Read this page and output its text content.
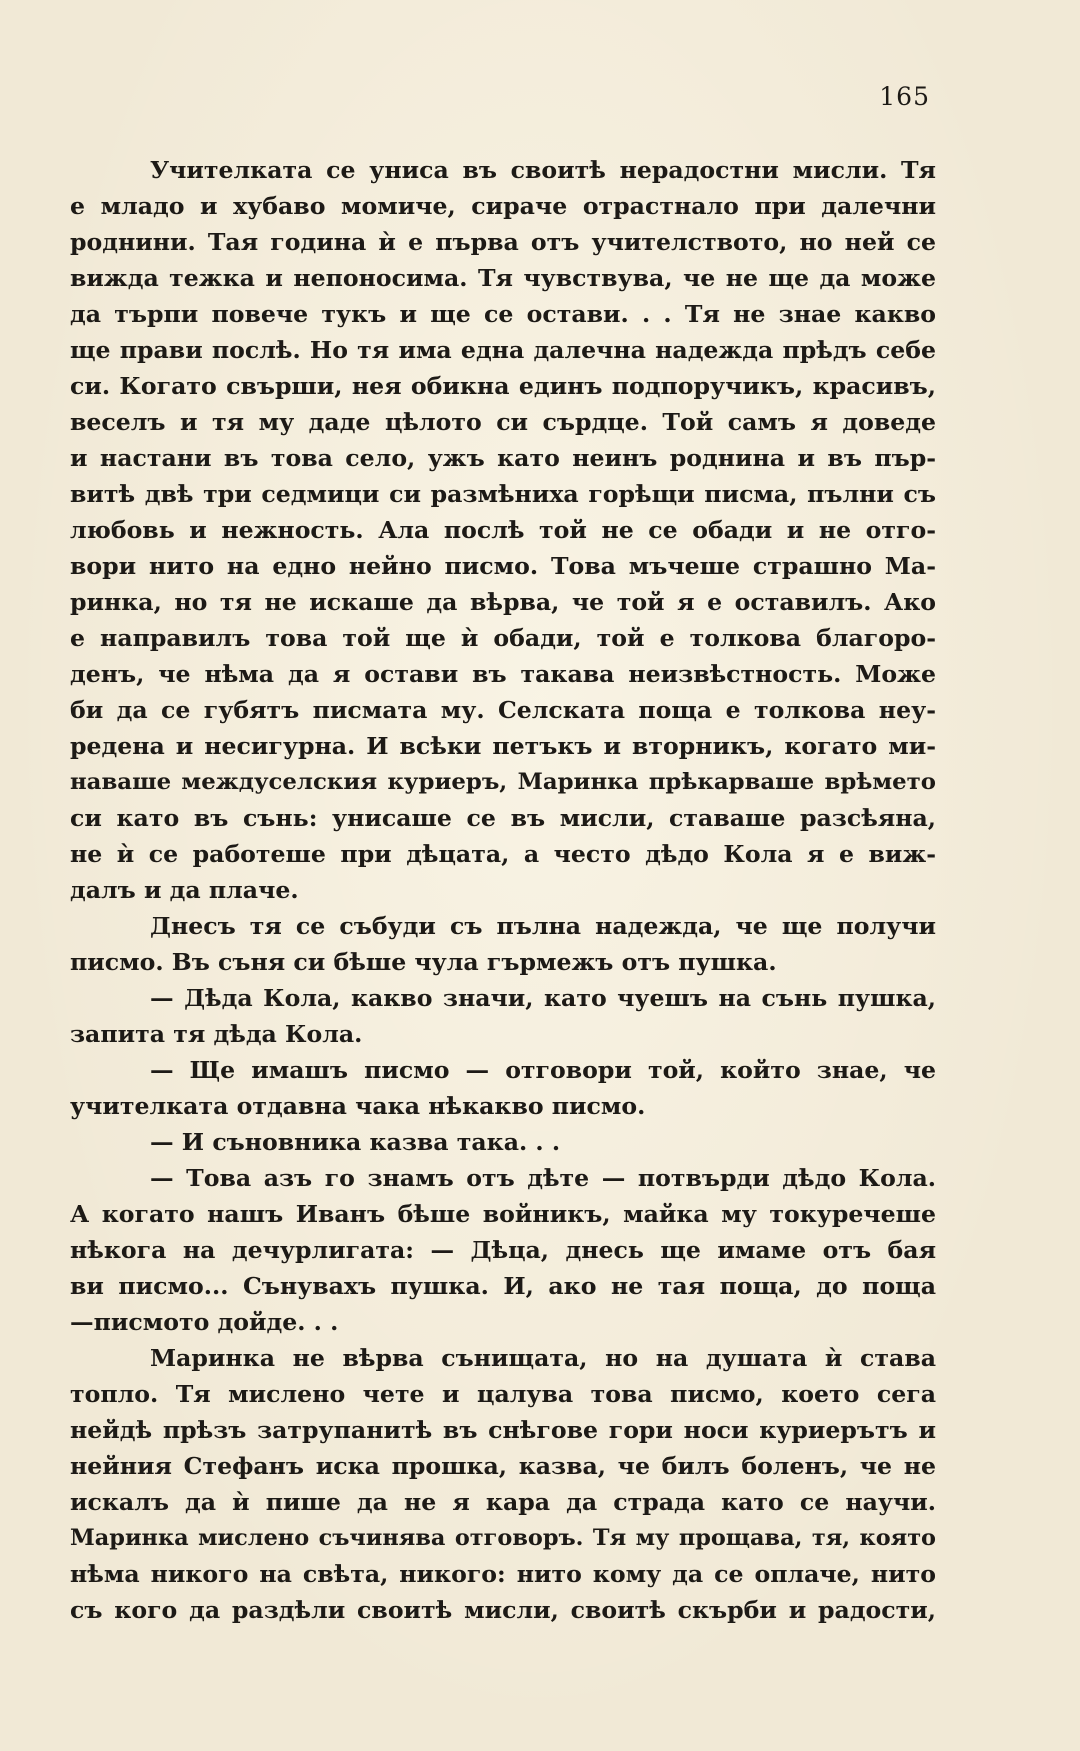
165
Учителката се униса въ своитѣ нерадостни мисли. Тя
е младо и хубаво момиче, сираче отрастнало при далечни
роднини. Тая година ѝ е първа отъ учителството, но ней се
вижда тежка и непоносима. Тя чувствува, че не ще да може
да търпи повече тукъ и ще се остави. . . Тя не знае какво
ще прави послѣ. Но тя има една далечна надежда прѣдъ себе
си. Когато свърши, нея обикна единъ подпоручикъ, красивъ,
веселъ и тя му даде цѣлото си сърдце. Той самъ я доведе
и настани въ това село, ужъ като неинъ роднина и въ пър-
витѣ двѣ три седмици си размѣниха горѣщи писма, пълни съ
любовь и нежность. Ала послѣ той не се обади и не отго-
вори нито на едно нейно писмо. Това мъчеше страшно Ма-
ринка, но тя не искаше да вѣрва, че той я е оставилъ. Ако
е направилъ това той ще ѝ обади, той е толкова благоро-
денъ, че нѣма да я остави въ такава неизвѣстность. Може
би да се губятъ писмата му. Селската поща е толкова неу-
редена и несигурна. И всѣки петъкъ и вторникъ, когато ми-
наваше междуселския куриеръ, Маринка прѣкарваше врѣмето
си като въ сънь: унисаше се въ мисли, ставаше разсѣяна,
не ѝ се работеше при дѣцата, а често дѣдо Кола я е виж-
далъ и да плаче.
Днесъ тя се събуди съ пълна надежда, че ще получи
писмо. Въ съня си бѣше чула гърмежъ отъ пушка.
— Дѣда Кола, какво значи, като чуешъ на сънь пушка,
запита тя дѣда Кола.
— Ще имашъ писмо — отговори той, който знае, че
учителката отдавна чака нѣкакво писмо.
— И съновника казва така. . .
— Това азъ го знамъ отъ дѣте — потвърди дѣдо Кола.
А когато нашъ Иванъ бѣше войникъ, майка му токуречеше
нѣкога на дечурлигата: — Дѣца, днесь ще имаме отъ бая
ви писмо... Сънувахъ пушка. И, ако не тая поща, до поща
—писмото дойде. . .
Маринка не вѣрва сънищата, но на душата ѝ става
топло. Тя мислено чете и цалува това писмо, което сега
нейдѣ прѣзъ затрупанитѣ въ снѣгове гори носи куриерътъ и
нейния Стефанъ иска прошка, казва, че билъ боленъ, че не
искалъ да ѝ пише да не я кара да страда като се научи.
Маринка мислено съчинява отговоръ. Тя му прощава, тя, която
нѣма никого на свѣта, никого: нито кому да се оплаче, нито
съ кого да раздѣли своитѣ мисли, своитѣ скърби и радости,
